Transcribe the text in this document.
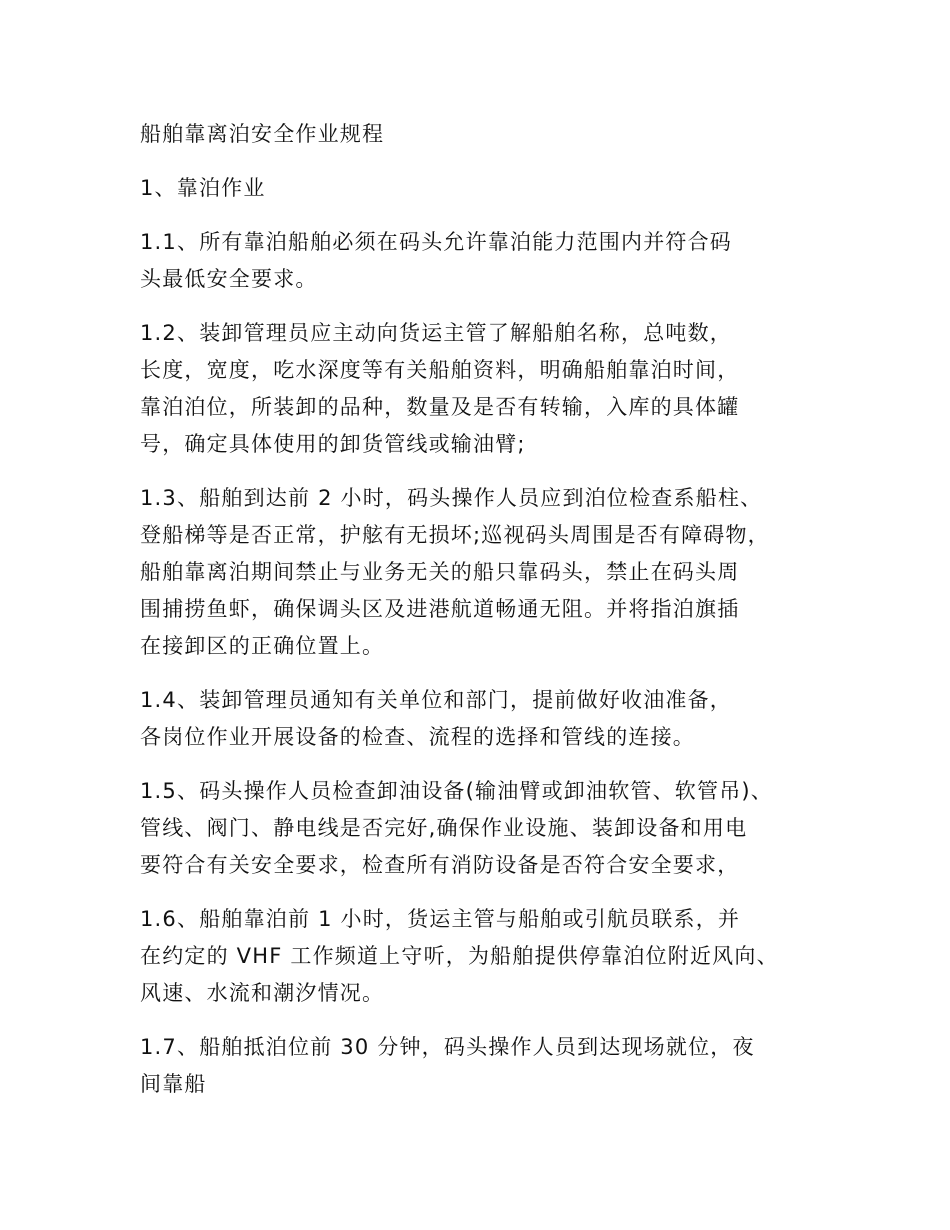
船舶靠离泊安全作业规程
1、靠泊作业
1.1、所有靠泊船舶必须在码头允许靠泊能力范围内并符合码
头最低安全要求。
1.2、装卸管理员应主动向货运主管了解船舶名称，总吨数，
长度，宽度，吃水深度等有关船舶资料，明确船舶靠泊时间，
靠泊泊位，所装卸的品种，数量及是否有转输，入库的具体罐
号，确定具体使用的卸货管线或输油臂;
1.3、船舶到达前 2 小时，码头操作人员应到泊位检查系船柱、
登船梯等是否正常，护舷有无损坏;巡视码头周围是否有障碍物，
船舶靠离泊期间禁止与业务无关的船只靠码头，禁止在码头周
围捕捞鱼虾，确保调头区及进港航道畅通无阻。并将指泊旗插
在接卸区的正确位置上。
1.4、装卸管理员通知有关单位和部门，提前做好收油准备，
各岗位作业开展设备的检查、流程的选择和管线的连接。
1.5、码头操作人员检查卸油设备(输油臂或卸油软管、软管吊)、
管线、阀门、静电线是否完好,确保作业设施、装卸设备和用电
要符合有关安全要求，检查所有消防设备是否符合安全要求，
1.6、船舶靠泊前 1 小时，货运主管与船舶或引航员联系，并
在约定的 VHF 工作频道上守听，为船舶提供停靠泊位附近风向、
风速、水流和潮汐情况。
1.7、船舶抵泊位前 30 分钟，码头操作人员到达现场就位，夜
间靠船
